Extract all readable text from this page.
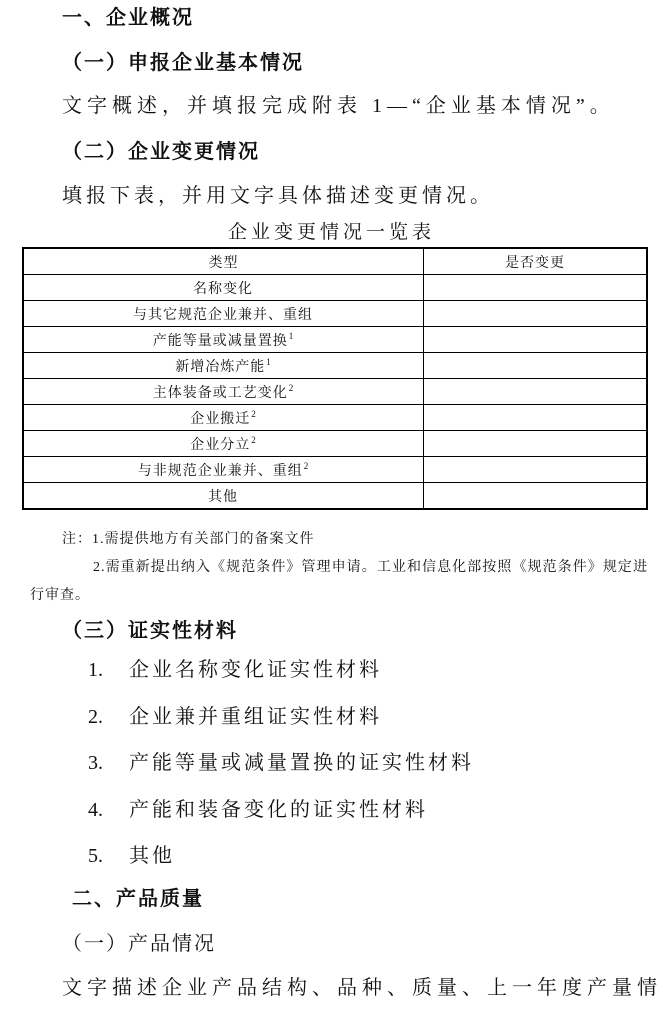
一、企业概况
（一）申报企业基本情况
文字概述，并填报完成附表 1—“企业基本情况”。
（二）企业变更情况
填报下表，并用文字具体描述变更情况。
企业变更情况一览表
类型	是否变更
名称变化
与其它规范企业兼并、重组
产能等量或减量置换$^1$
新增冶炼产能$^1$
主体装备或工艺变化$^2$
企业搬迁$^2$
企业分立$^2$
与非规范企业兼并、重组$^2$
其他

注：1.需提供地方有关部门的备案文件

2.需重新提出纳入《规范条件》管理申请。工业和信息化部按照《规范条件》规定进行审查。

（三）证实性材料
1. 企业名称变化证实性材料
2. 企业兼并重组证实性材料
3. 产能等量或减量置换的证实性材料
4. 产能和装备变化的证实性材料
5. 其他
二、产品质量
（一）产品情况
文字描述企业产品结构、品种、质量、上一年度产量情
